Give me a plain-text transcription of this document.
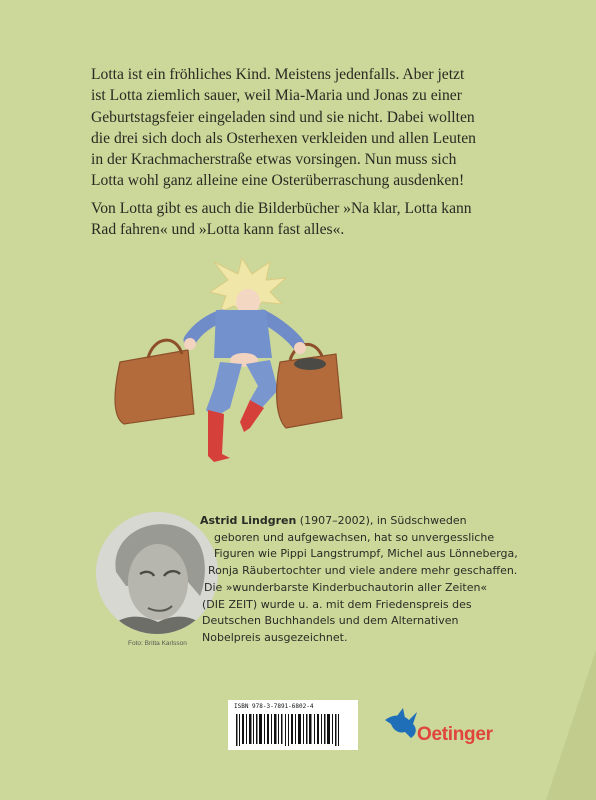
Lotta ist ein fröhliches Kind. Meistens jedenfalls. Aber jetzt

ist Lotta ziemlich sauer, weil Mia-Maria und Jonas zu einer

Geburtstagsfeier eingeladen sind und sie nicht. Dabei wollten

die drei sich doch als Osterhexen verkleiden und allen Leuten

in der Krachmacherstraße etwas vorsingen. Nun muss sich

Lotta wohl ganz alleine eine Osterüberraschung ausdenken!

Von Lotta gibt es auch die Bilderbücher »Na klar, Lotta kann

Rad fahren« und »Lotta kann fast alles«.

Foto: Britta Karlsson
Astrid Lindgren (1907–2002), in Südschweden
geboren und aufgewachsen, hat so unvergessliche
Figuren wie Pippi Langstrumpf, Michel aus Lönneberga,
Ronja Räubertochter und viele andere mehr geschaffen.
Die »wunderbarste Kinderbuchautorin aller Zeiten«
(DIE ZEIT) wurde u. a. mit dem Friedenspreis des
Deutschen Buchhandels und dem Alternativen
Nobelpreis ausgezeichnet.
ISBN 978-3-7891-6802-4
Oetinger
